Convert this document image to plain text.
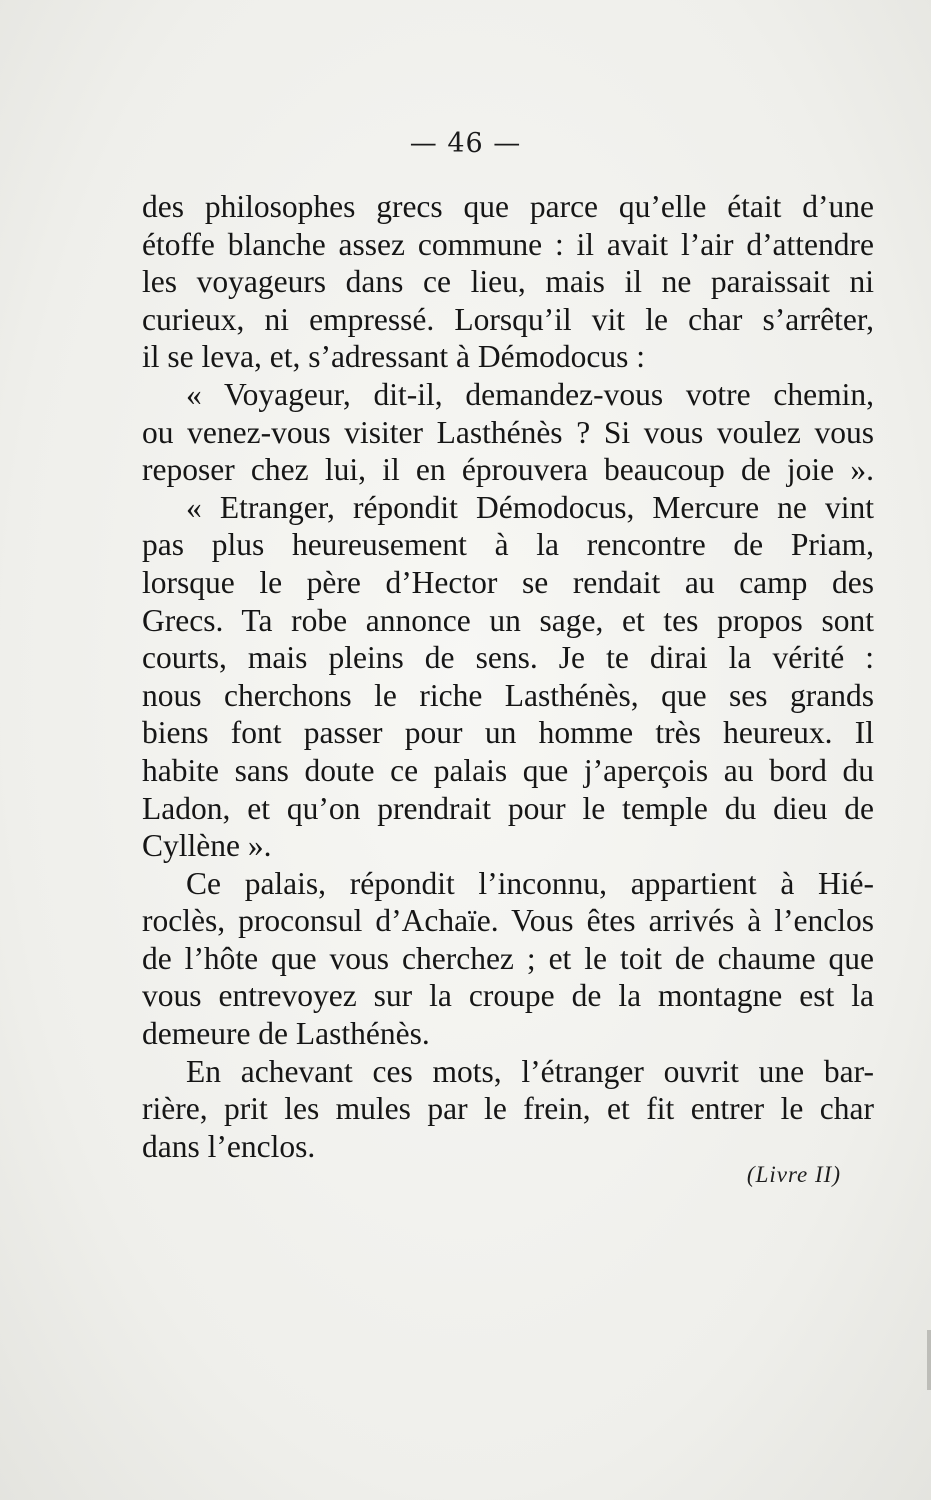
— 46 —
des philosophes grecs que parce qu’elle était d’une
étoffe blanche assez commune : il avait l’air d’attendre
les voyageurs dans ce lieu, mais il ne paraissait ni
curieux, ni empressé. Lorsqu’il vit le char s’arrêter,
il se leva, et, s’adressant à Démodocus :
« Voyageur, dit-il, demandez-vous votre chemin,
ou venez-vous visiter Lasthénès ? Si vous voulez vous
reposer chez lui, il en éprouvera beaucoup de joie ».
« Etranger, répondit Démodocus, Mercure ne vint
pas plus heureusement à la rencontre de Priam,
lorsque le père d’Hector se rendait au camp des
Grecs. Ta robe annonce un sage, et tes propos sont
courts, mais pleins de sens. Je te dirai la vérité :
nous cherchons le riche Lasthénès, que ses grands
biens font passer pour un homme très heureux. Il
habite sans doute ce palais que j’aperçois au bord du
Ladon, et qu’on prendrait pour le temple du dieu de
Cyllène ».
Ce palais, répondit l’inconnu, appartient à Hié-
roclès, proconsul d’Achaïe. Vous êtes arrivés à l’enclos
de l’hôte que vous cherchez ; et le toit de chaume que
vous entrevoyez sur la croupe de la montagne est la
demeure de Lasthénès.
En achevant ces mots, l’étranger ouvrit une bar-
rière, prit les mules par le frein, et fit entrer le char
dans l’enclos.
(Livre II)
